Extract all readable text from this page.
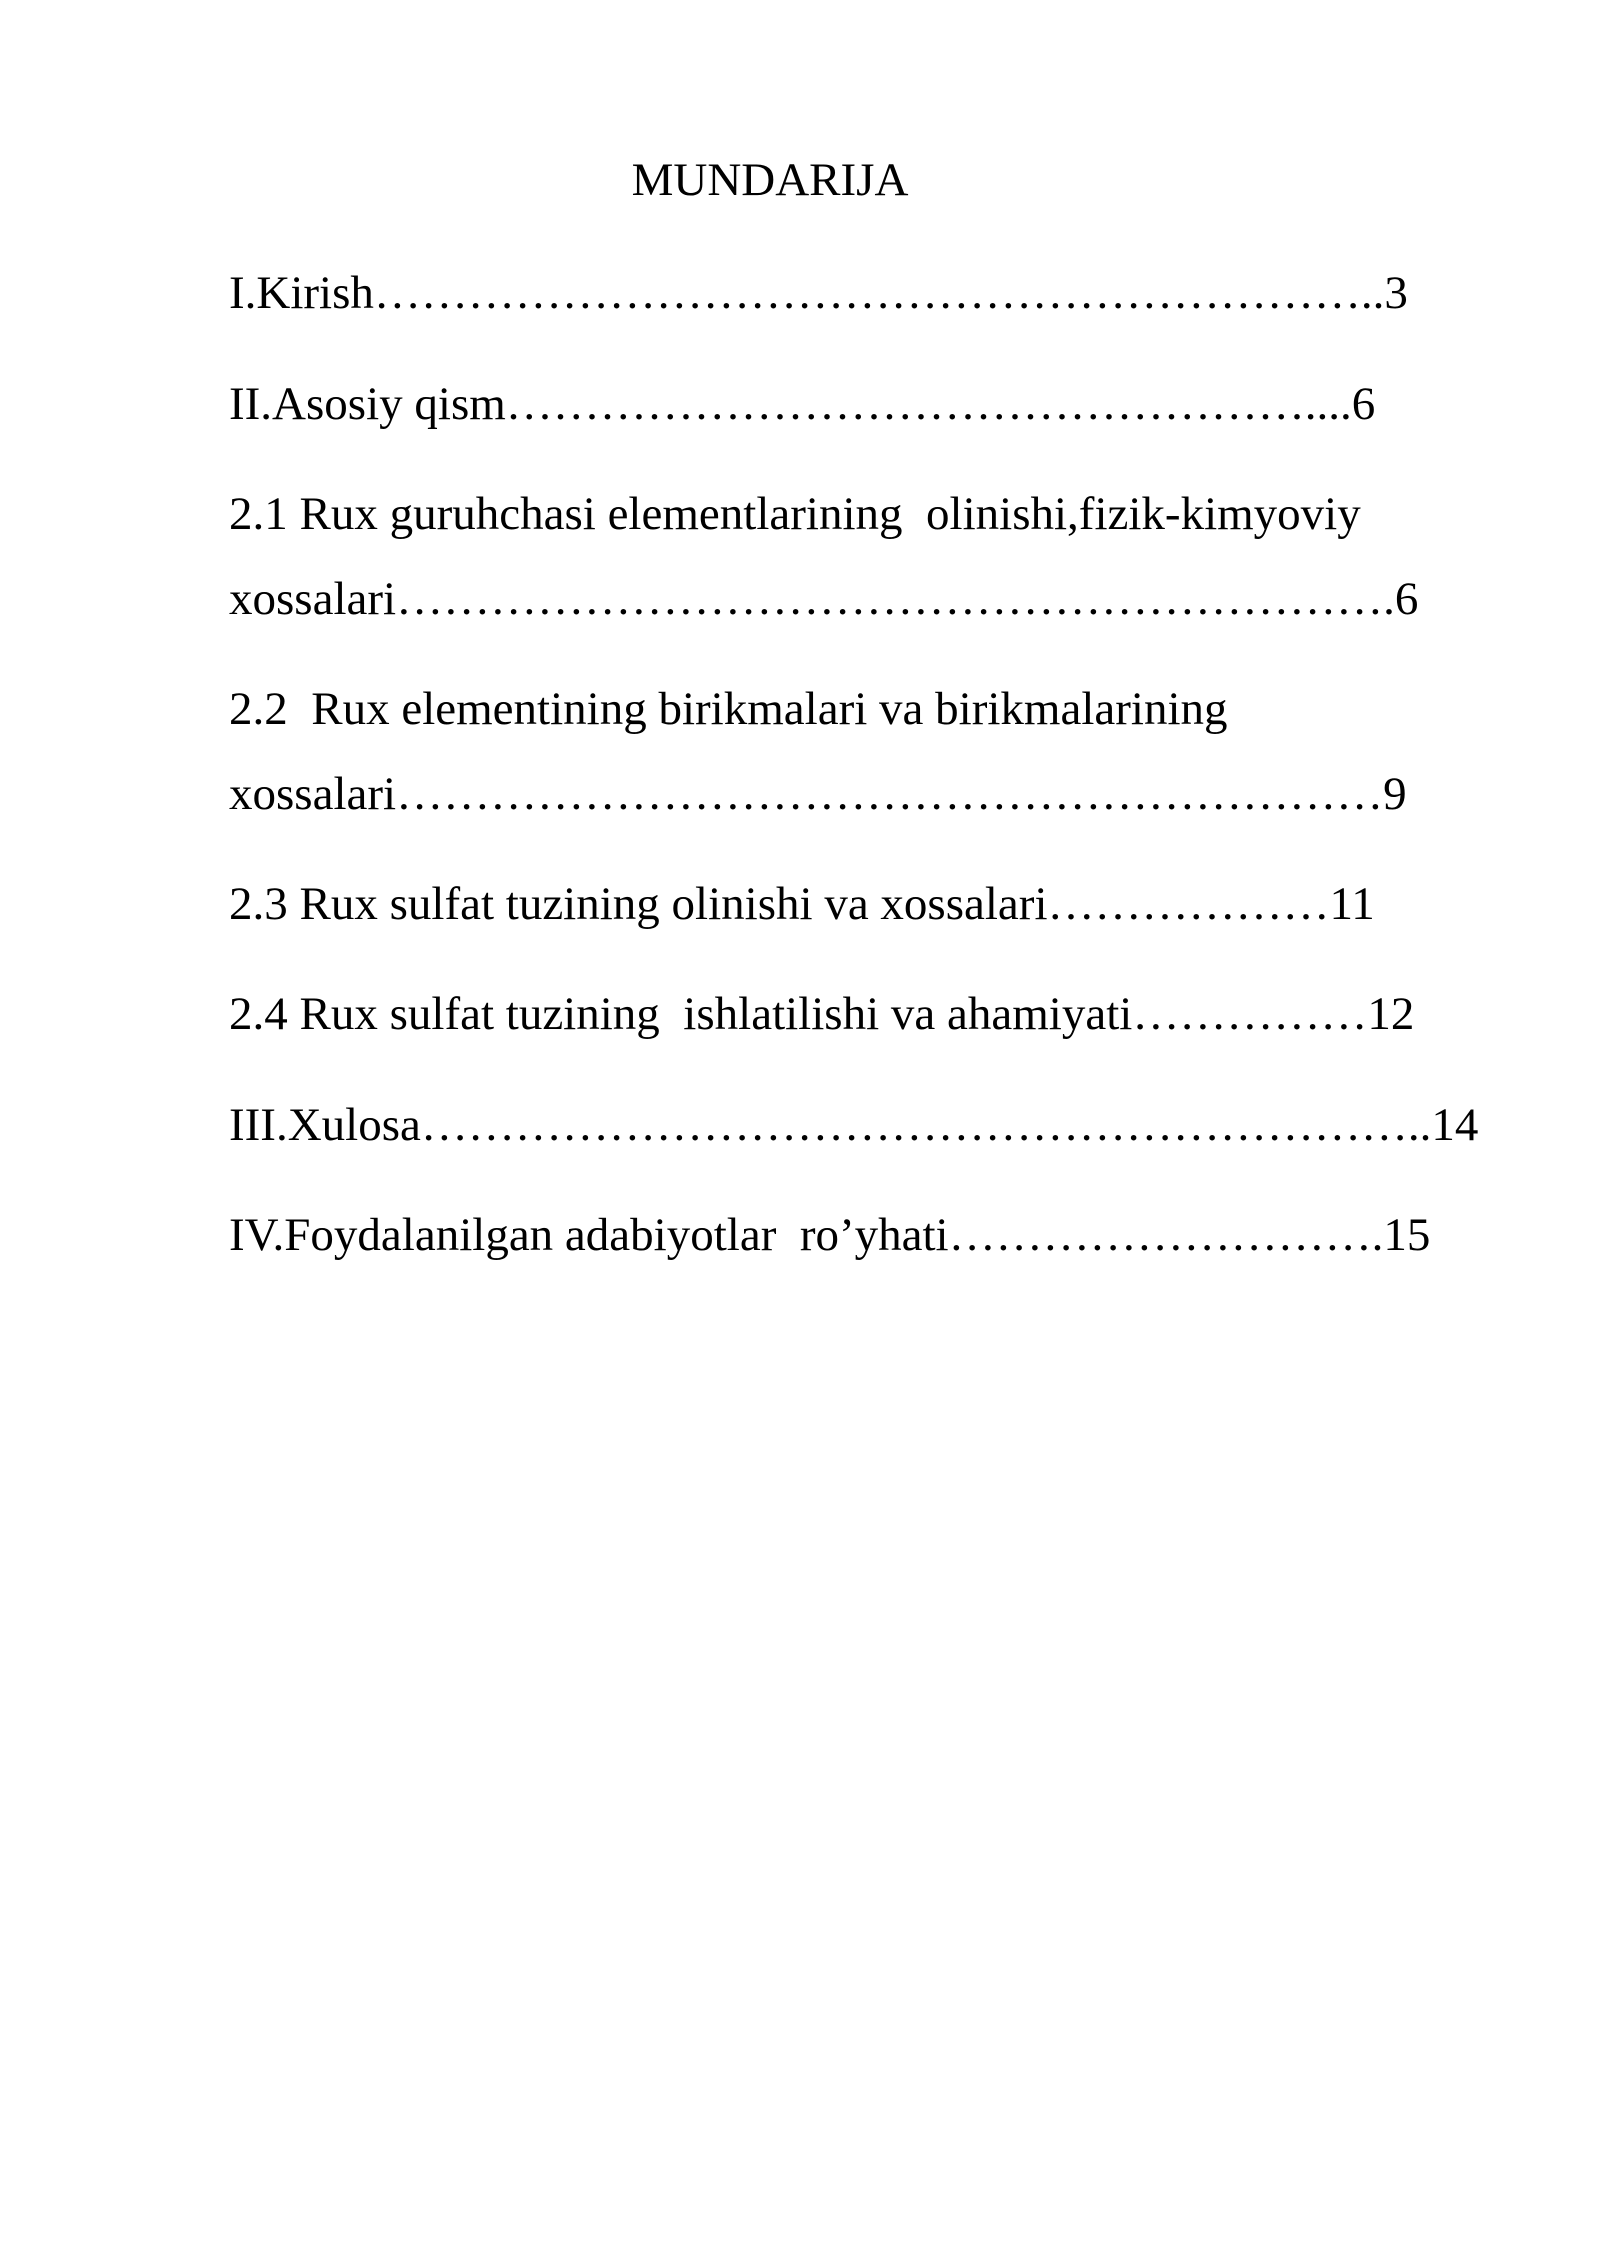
MUNDARIJA
I.Kirish………………………………………………………..3
II.Asosiy qism……………………………………………....6
2.1 Rux guruhchasi elementlarining  olinishi,fizik-kimyoviy
xossalari……………………………………………………….6
2.2  Rux elementining birikmalari va birikmalarining
xossalari………………………………………………………9
2.3 Rux sulfat tuzining olinishi va xossalari………………11
2.4 Rux sulfat tuzining  ishlatilishi va ahamiyati……………12
III.Xulosa………………………………………………………..14
IV.Foydalanilgan adabiyotlar  ro’yhati……………………….15
